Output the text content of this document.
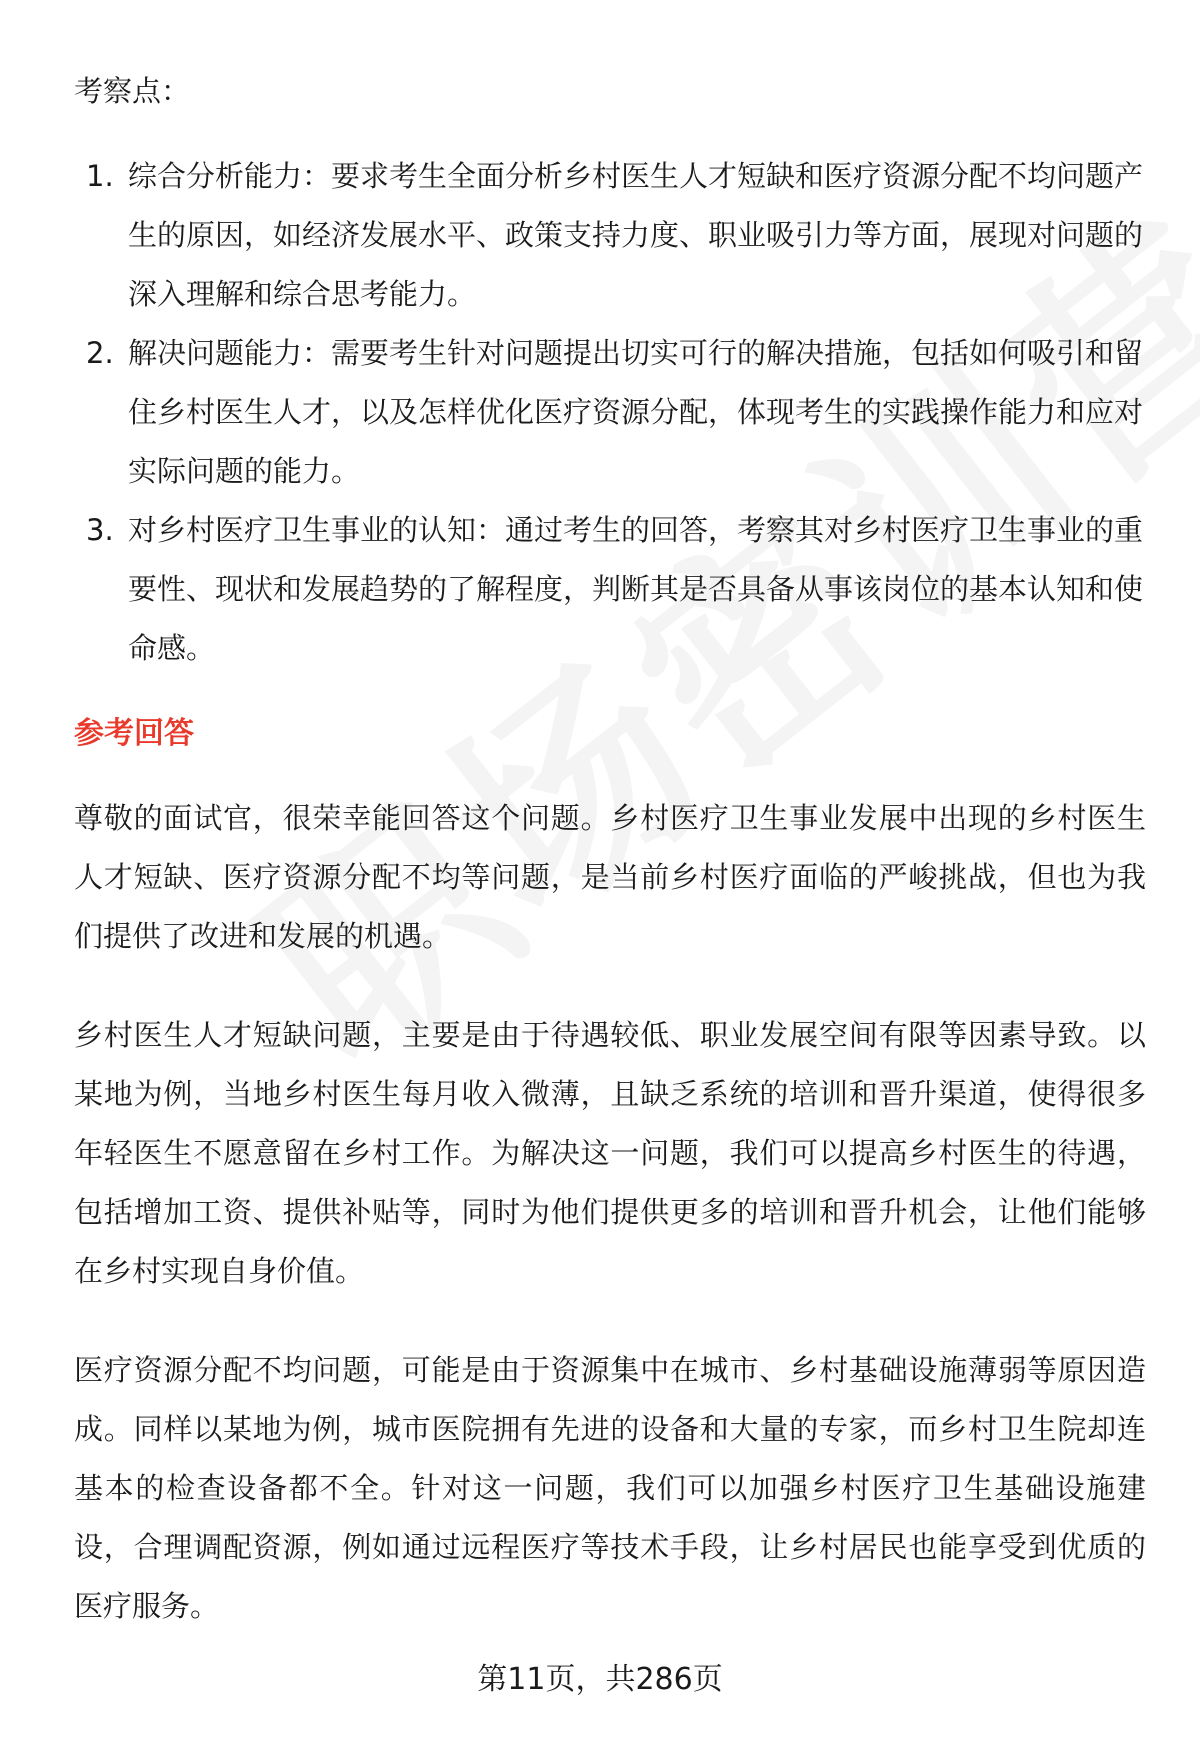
考察点：
1. 综合分析能力：要求考生全面分析乡村医生人才短缺和医疗资源分配不均问题产生的原因，如经济发展水平、政策支持力度、职业吸引力等方面，展现对问题的深入理解和综合思考能力。
2. 解决问题能力：需要考生针对问题提出切实可行的解决措施，包括如何吸引和留住乡村医生人才，以及怎样优化医疗资源分配，体现考生的实践操作能力和应对实际问题的能力。
3. 对乡村医疗卫生事业的认知：通过考生的回答，考察其对乡村医疗卫生事业的重要性、现状和发展趋势的了解程度，判断其是否具备从事该岗位的基本认知和使命感。
参考回答

尊敬的面试官，很荣幸能回答这个问题。乡村医疗卫生事业发展中出现的乡村医生人才短缺、医疗资源分配不均等问题，是当前乡村医疗面临的严峻挑战，但也为我们提供了改进和发展的机遇。

乡村医生人才短缺问题，主要是由于待遇较低、职业发展空间有限等因素导致。以某地为例，当地乡村医生每月收入微薄，且缺乏系统的培训和晋升渠道，使得很多年轻医生不愿意留在乡村工作。为解决这一问题，我们可以提高乡村医生的待遇，包括增加工资、提供补贴等，同时为他们提供更多的培训和晋升机会，让他们能够在乡村实现自身价值。

医疗资源分配不均问题，可能是由于资源集中在城市、乡村基础设施薄弱等原因造成。同样以某地为例，城市医院拥有先进的设备和大量的专家，而乡村卫生院却连基本的检查设备都不全。针对这一问题，我们可以加强乡村医疗卫生基础设施建设，合理调配资源，例如通过远程医疗等技术手段，让乡村居民也能享受到优质的医疗服务。

第11页，共286页
